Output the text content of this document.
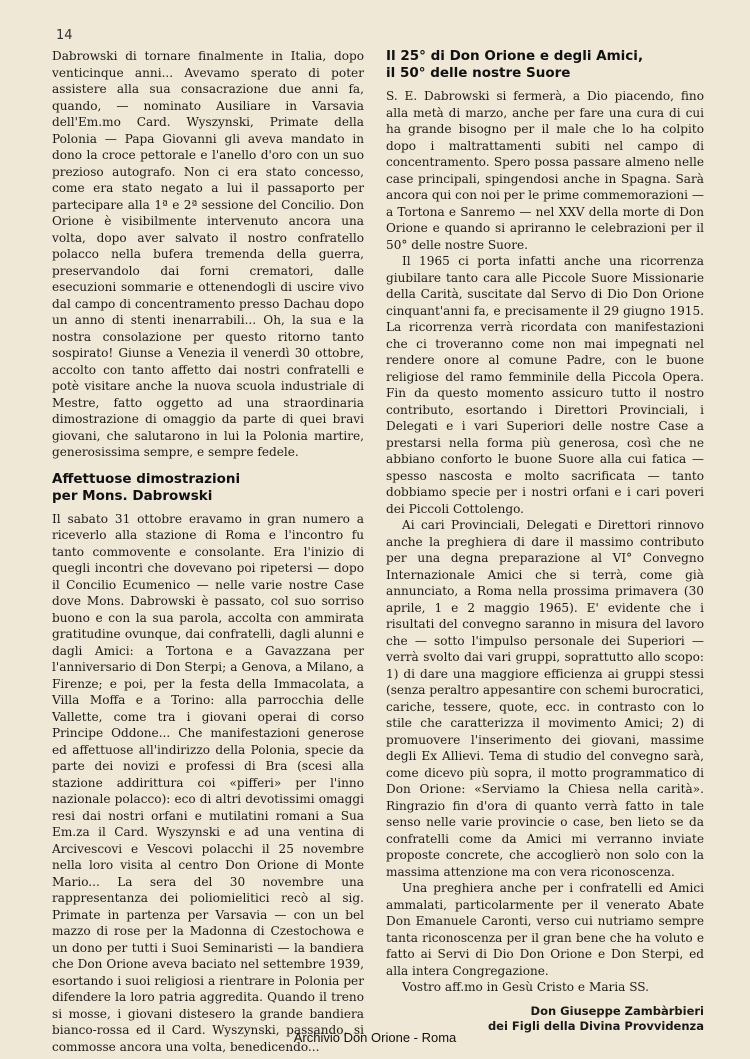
14

Dabrowski di tornare finalmente in Italia, dopo venticinque anni... Avevamo sperato di poter assistere alla sua consacrazione due anni fa, quando, — nominato Ausiliare in Varsavia dell'Em.mo Card. Wyszynski, Primate della Polonia — Papa Giovanni gli aveva mandato in dono la croce pettorale e l'anello d'oro con un suo prezioso autografo. Non ci era stato concesso, come era stato negato a lui il passaporto per partecipare alla 1ª e 2ª sessione del Concilio. Don Orione è visibilmente intervenuto ancora una volta, dopo aver salvato il nostro confratello polacco nella bufera tremenda della guerra, preservandolo dai forni crematori, dalle esecuzioni sommarie e ottenendogli di uscire vivo dal campo di concentramento presso Dachau dopo un anno di stenti inenarrabili... Oh, la sua e la nostra consolazione per questo ritorno tanto sospirato! Giunse a Venezia il venerdì 30 ottobre, accolto con tanto affetto dai nostri confratelli e potè visitare anche la nuova scuola industriale di Mestre, fatto oggetto ad una straordinaria dimostrazione di omaggio da parte di quei bravi giovani, che salutarono in lui la Polonia martire, generosissima sempre, e sempre fedele.

Affettuose dimostrazioni
per Mons. Dabrowski

Il sabato 31 ottobre eravamo in gran numero a riceverlo alla stazione di Roma e l'incontro fu tanto commovente e consolante. Era l'inizio di quegli incontri che dovevano poi ripetersi — dopo il Concilio Ecumenico — nelle varie nostre Case dove Mons. Dabrowski è passato, col suo sorriso buono e con la sua parola, accolta con ammirata gratitudine ovunque, dai confratelli, dagli alunni e dagli Amici: a Tortona e a Gavazzana per l'anniversario di Don Sterpi; a Genova, a Milano, a Firenze; e poi, per la festa della Immacolata, a Villa Moffa e a Torino: alla parrocchia delle Vallette, come tra i giovani operai di corso Principe Oddone... Che manifestazioni generose ed affettuose all'indirizzo della Polonia, specie da parte dei novizi e professi di Bra (scesi alla stazione addirittura coi «pifferi» per l'inno nazionale polacco): eco di altri devotissimi omaggi resi dai nostri orfani e mutilatini romani a Sua Em.za il Card. Wyszynski e ad una ventina di Arcivescovi e Vescovi polacchi il 25 novembre nella loro visita al centro Don Orione di Monte Mario... La sera del 30 novembre una rappresentanza dei poliomielitici recò al sig. Primate in partenza per Varsavia — con un bel mazzo di rose per la Madonna di Czestochowa e un dono per tutti i Suoi Seminaristi — la bandiera che Don Orione aveva baciato nel settembre 1939, esortando i suoi religiosi a rientrare in Polonia per difendere la loro patria aggredita. Quando il treno si mosse, i giovani distesero la grande bandiera bianco-rossa ed il Card. Wyszynski, passando, si commosse ancora una volta, benedicendo...

Il 25° di Don Orione e degli Amici,
il 50° delle nostre Suore

S. E. Dabrowski si fermerà, a Dio piacendo, fino alla metà di marzo, anche per fare una cura di cui ha grande bisogno per il male che lo ha colpito dopo i maltrattamenti subiti nel campo di concentramento. Spero possa passare almeno nelle case principali, spingendosi anche in Spagna. Sarà ancora qui con noi per le prime commemorazioni — a Tortona e Sanremo — nel XXV della morte di Don Orione e quando si apriranno le celebrazioni per il 50° delle nostre Suore.

Il 1965 ci porta infatti anche una ricorrenza giubilare tanto cara alle Piccole Suore Missionarie della Carità, suscitate dal Servo di Dio Don Orione cinquant'anni fa, e precisamente il 29 giugno 1915. La ricorrenza verrà ricordata con manifestazioni che ci troveranno come non mai impegnati nel rendere onore al comune Padre, con le buone religiose del ramo femminile della Piccola Opera. Fin da questo momento assicuro tutto il nostro contributo, esortando i Direttori Provinciali, i Delegati e i vari Superiori delle nostre Case a prestarsi nella forma più generosa, così che ne abbiano conforto le buone Suore alla cui fatica — spesso nascosta e molto sacrificata — tanto dobbiamo specie per i nostri orfani e i cari poveri dei Piccoli Cottolengo.

Ai cari Provinciali, Delegati e Direttori rinnovo anche la preghiera di dare il massimo contributo per una degna preparazione al VI° Convegno Internazionale Amici che si terrà, come già annunciato, a Roma nella prossima primavera (30 aprile, 1 e 2 maggio 1965). E' evidente che i risultati del convegno saranno in misura del lavoro che — sotto l'impulso personale dei Superiori — verrà svolto dai vari gruppi, soprattutto allo scopo: 1) di dare una maggiore efficienza ai gruppi stessi (senza peraltro appesantire con schemi burocratici, cariche, tessere, quote, ecc. in contrasto con lo stile che caratterizza il movimento Amici; 2) di promuovere l'inserimento dei giovani, massime degli Ex Allievi. Tema di studio del convegno sarà, come dicevo più sopra, il motto programmatico di Don Orione: «Serviamo la Chiesa nella carità». Ringrazio fin d'ora di quanto verrà fatto in tale senso nelle varie provincie o case, ben lieto se da confratelli come da Amici mi verranno inviate proposte concrete, che accoglierò non solo con la massima attenzione ma con vera riconoscenza.

Una preghiera anche per i confratelli ed Amici ammalati, particolarmente per il venerato Abate Don Emanuele Caronti, verso cui nutriamo sempre tanta riconoscenza per il gran bene che ha voluto e fatto ai Servi di Dio Don Orione e Don Sterpi, ed alla intera Congregazione.

Vostro aff.mo in Gesù Cristo e Maria SS.

Don Giuseppe Zambàrbieri
dei Figli della Divina Provvidenza
Archivio Don Orione - Roma
